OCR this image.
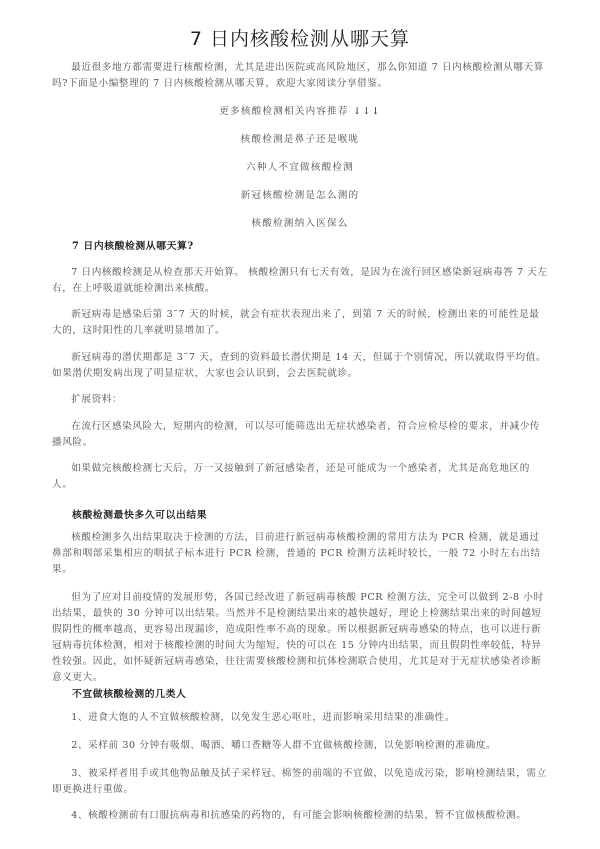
7 日内核酸检测从哪天算

最近很多地方都需要进行核酸检测，尤其是进出医院或高风险地区，那么你知道 7 日内核酸检测从哪天算吗?下面是小编整理的 7 日内核酸检测从哪天算，欢迎大家阅读分享借鉴。

更多核酸检测相关内容推荐 ↓↓↓

核酸检测是鼻子还是喉咙

六种人不宜做核酸检测

新冠核酸检测是怎么测的

核酸检测纳入医保么

7 日内核酸检测从哪天算?

7 日内核酸检测是从检查那天开始算。 核酸检测只有七天有效，是因为在流行回区感染新冠病毒答 7 天左右，在上呼吸道就能检测出来核酸。

新冠病毒是感染后第 3˜7 天的时候，就会有症状表现出来了，到第 7 天的时候，检测出来的可能性是最大的，这时阳性的几率就明显增加了。

新冠病毒的潜伏期都是 3˜7 天，查到的资料最长潜伏期是 14 天，但属于个别情况，所以就取得平均值。如果潜伏期发病出现了明显症状，大家也会认识到，会去医院就诊。

扩展资料：

在流行区感染风险大，短期内的检测，可以尽可能筛选出无症状感染者，符合应检尽检的要求，并减少传播风险。

如果做完核酸检测七天后，万一又接触到了新冠感染者，还是可能成为一个感染者，尤其是高危地区的人。

核酸检测最快多久可以出结果

核酸检测多久出结果取决于检测的方法，目前进行新冠病毒核酸检测的常用方法为 PCR 检测，就是通过鼻部和咽部采集相应的咽拭子标本进行 PCR 检测，普通的 PCR 检测方法耗时较长，一般 72 小时左右出结果。

但为了应对目前疫情的发展形势，各国已经改进了新冠病毒核酸 PCR 检测方法，完全可以做到 2-8 小时出结果，最快的 30 分钟可以出结果。当然并不是检测结果出来的越快越好，理论上检测结果出来的时间越短假阴性的概率越高，更容易出现漏诊，造成阳性率不高的现象。所以根据新冠病毒感染的特点，也可以进行新冠病毒抗体检测，相对于核酸检测的时间大为缩短，快的可以在 15 分钟内出结果，而且假阴性率较低，特异性较强。因此，如怀疑新冠病毒感染，往往需要核酸检测和抗体检测联合使用，尤其是对于无症状感染者诊断意义更大。

不宜做核酸检测的几类人

1、进食大饱的人不宜做核酸检测，以免发生恶心呕吐，进而影响采用结果的准确性。

2、采样前 30 分钟有吸烟、喝酒、嚼口香糖等人群不宜做核酸检测，以免影响检测的准确度。

3、被采样者用手或其他物品触及拭子采样冠、棉签的前端的不宜做，以免造成污染，影响检测结果，需立即更换进行重做。

4、核酸检测前有口服抗病毒和抗感染的药物的，有可能会影响核酸检测的结果，暂不宜做核酸检测。
